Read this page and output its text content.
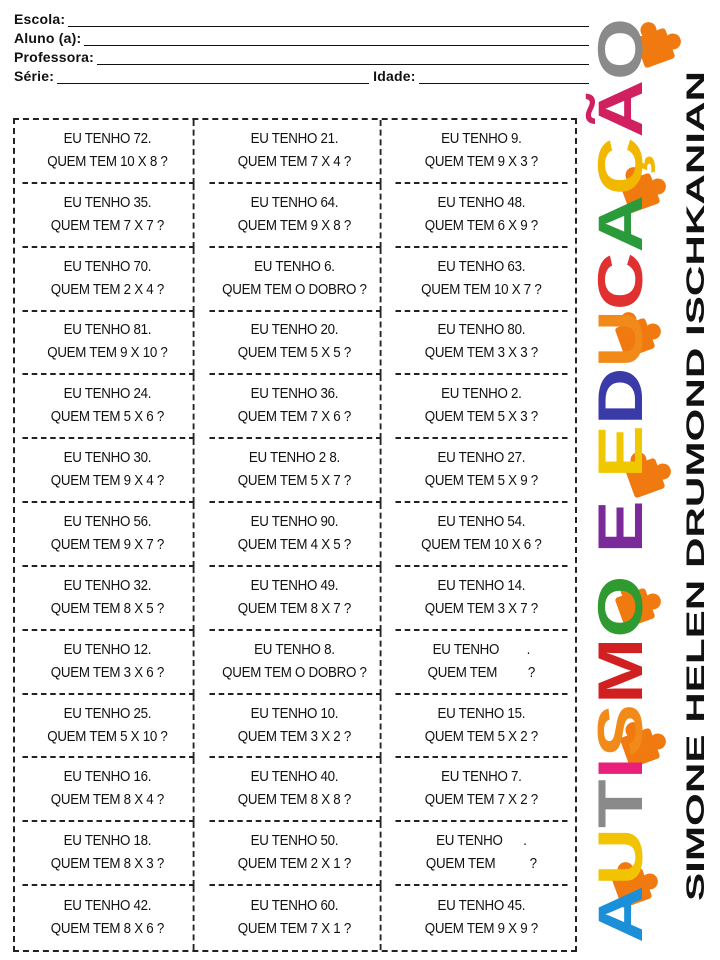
Escola:
Aluno (a):
Professora:
Série:	Idade:
EU TENHO 72.
QUEM TEM 10 X 8 ?
EU TENHO 21.
QUEM TEM 7 X 4 ?
EU TENHO 9.
QUEM TEM 9 X 3 ?
EU TENHO 35.
QUEM TEM 7 X 7 ?
EU TENHO 64.
QUEM TEM 9 X 8 ?
EU TENHO 48.
QUEM TEM 6 X 9 ?
EU TENHO 70.
QUEM TEM 2 X 4 ?
EU TENHO 6.
QUEM TEM O DOBRO ?
EU TENHO 63.
QUEM TEM 10 X 7 ?
EU TENHO 81.
QUEM TEM 9 X 10 ?
EU TENHO 20.
QUEM TEM 5 X 5 ?
EU TENHO 80.
QUEM TEM 3 X 3 ?
EU TENHO 24.
QUEM TEM 5 X 6 ?
EU TENHO 36.
QUEM TEM 7 X 6 ?
EU TENHO 2.
QUEM TEM 5 X 3 ?
EU TENHO 30.
QUEM TEM 9 X 4 ?
EU TENHO 2 8.
QUEM TEM 5 X 7 ?
EU TENHO 27.
QUEM TEM 5 X 9 ?
EU TENHO 56.
QUEM TEM 9 X 7 ?
EU TENHO 90.
QUEM TEM 4 X 5 ?
EU TENHO 54.
QUEM TEM 10 X 6 ?
EU TENHO 32.
QUEM TEM 8 X 5 ?
EU TENHO 49.
QUEM TEM 8 X 7 ?
EU TENHO 14.
QUEM TEM 3 X 7 ?
EU TENHO 12.
QUEM TEM 3 X 6 ?
EU TENHO 8.
QUEM TEM O DOBRO ?
EU TENHO        .
QUEM TEM         ?
EU TENHO 25.
QUEM TEM 5 X 10 ?
EU TENHO 10.
QUEM TEM 3 X 2 ?
EU TENHO 15.
QUEM TEM 5 X 2 ?
EU TENHO 16.
QUEM TEM 8 X 4 ?
EU TENHO 40.
QUEM TEM 8 X 8 ?
EU TENHO 7.
QUEM TEM 7 X 2 ?
EU TENHO 18.
QUEM TEM 8 X 3 ?
EU TENHO 50.
QUEM TEM 2 X 1 ?
EU TENHO      .
QUEM TEM          ?
EU TENHO 42.
QUEM TEM 8 X 6 ?
EU TENHO 60.
QUEM TEM 7 X 1 ?
EU TENHO 45.
QUEM TEM 9 X 9 ? AUTISMO E EDUCAÇÃO
SIMONE HELEN DRUMOND ISCHKANIAN
